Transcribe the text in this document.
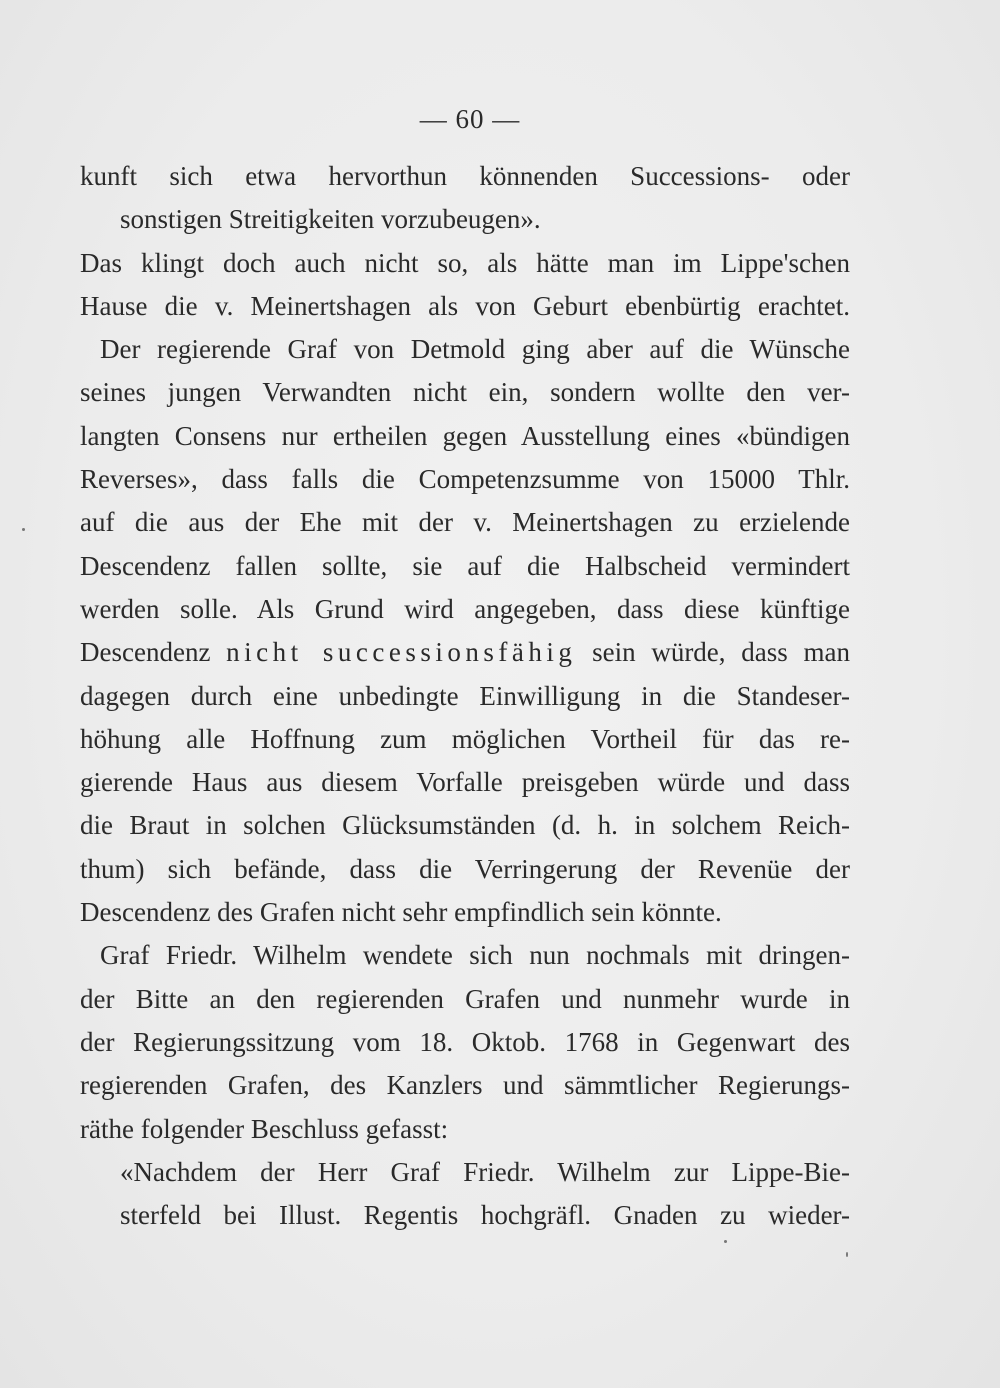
— 60 —
kunft sich etwa hervorthun könnenden Successions- oder
sonstigen Streitigkeiten vorzubeugen».
Das klingt doch auch nicht so, als hätte man im Lippe'schen
Hause die v. Meinertshagen als von Geburt ebenbürtig erachtet.
Der regierende Graf von Detmold ging aber auf die Wünsche
seines jungen Verwandten nicht ein, sondern wollte den ver-
langten Consens nur ertheilen gegen Ausstellung eines «bündigen
Reverses», dass falls die Competenzsumme von 15000 Thlr.
auf die aus der Ehe mit der v. Meinertshagen zu erzielende
Descendenz fallen sollte, sie auf die Halbscheid vermindert
werden solle. Als Grund wird angegeben, dass diese künftige
Descendenz nicht successionsfähig sein würde, dass man
dagegen durch eine unbedingte Einwilligung in die Standeser-
höhung alle Hoffnung zum möglichen Vortheil für das re-
gierende Haus aus diesem Vorfalle preisgeben würde und dass
die Braut in solchen Glücksumständen (d. h. in solchem Reich-
thum) sich befände, dass die Verringerung der Revenüe der
Descendenz des Grafen nicht sehr empfindlich sein könnte.
Graf Friedr. Wilhelm wendete sich nun nochmals mit dringen-
der Bitte an den regierenden Grafen und nunmehr wurde in
der Regierungssitzung vom 18. Oktob. 1768 in Gegenwart des
regierenden Grafen, des Kanzlers und sämmtlicher Regierungs-
räthe folgender Beschluss gefasst:
«Nachdem der Herr Graf Friedr. Wilhelm zur Lippe-Bie-
sterfeld bei Illust. Regentis hochgräfl. Gnaden zu wieder-
